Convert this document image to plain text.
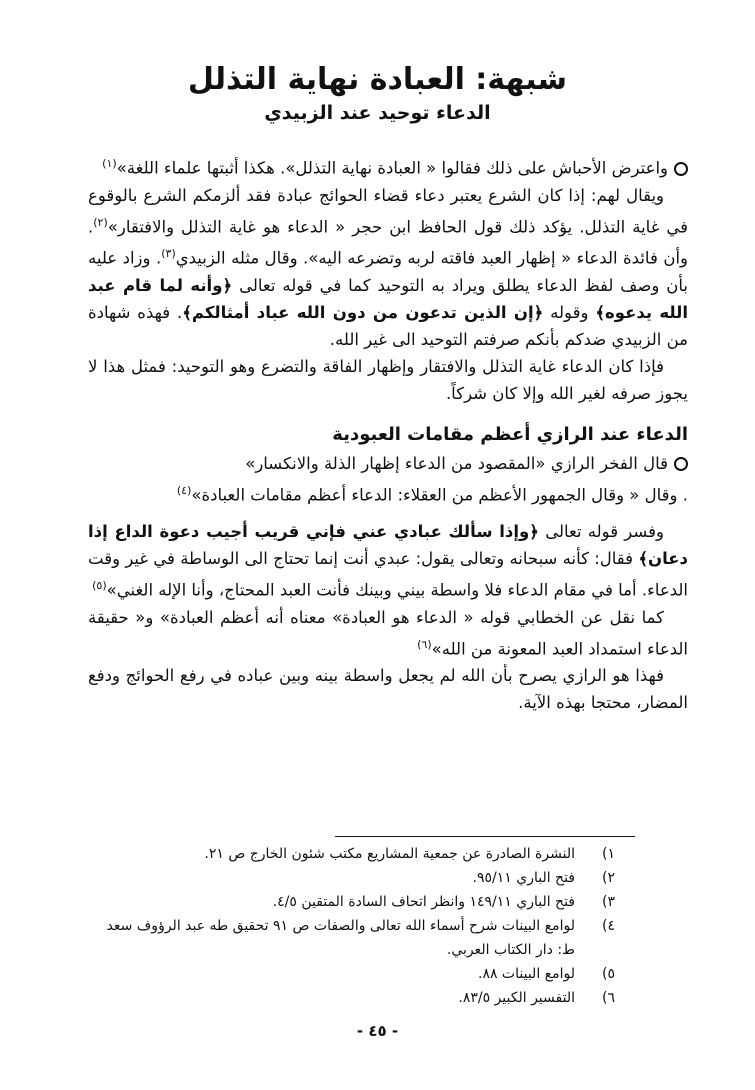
شبهة: العبادة نهاية التذلل
الدعاء توحيد عند الزبيدي

واعترض الأحباش على ذلك فقالوا « العبادة نهاية التذلل». هكذا أثبتها علماء اللغة»$^{(١)}$

ويقال لهم: إذا كان الشرع يعتبر دعاء قضاء الحوائج عبادة فقد ألزمكم الشرع بالوقوع في غاية التذلل. يؤكد ذلك قول الحافظ ابن حجر « الدعاء هو غاية التذلل والافتقار»$^{(٢)}$. وأن فائدة الدعاء « إظهار العبد فاقته لربه وتضرعه اليه». وقال مثله الزبيدي$^{(٣)}$. وزاد عليه بأن وصف لفظ الدعاء يطلق ويراد به التوحيد كما في قوله تعالى ﴿وأنه لما قام عبد الله يدعوه﴾ وقوله ﴿إن الذين تدعون من دون الله عباد أمثالكم﴾. فهذه شهادة من الزبيدي ضدكم بأنكم صرفتم التوحيد الى غير الله.

فإذا كان الدعاء غاية التذلل والافتقار وإظهار الفاقة والتضرع وهو التوحيد: فمثل هذا لا يجوز صرفه لغير الله وإلا كان شركاً.

الدعاء عند الرازي أعظم مقامات العبودية

قال الفخر الرازي «المقصود من الدعاء إظهار الذلة والانكسار»

. وقال « وقال الجمهور الأعظم من العقلاء: الدعاء أعظم مقامات العبادة»$^{(٤)}$

وفسر قوله تعالى ﴿وإذا سألك عبادي عني فإني قريب أجيب دعوة الداع إذا دعان﴾ فقال: كأنه سبحانه وتعالى يقول: عبدي أنت إنما تحتاج الى الوساطة في غير وقت الدعاء. أما في مقام الدعاء فلا واسطة بيني وبينك فأنت العبد المحتاج، وأنا الإله الغني»$^{(٥)}$

كما نقل عن الخطابي قوله « الدعاء هو العبادة» معناه أنه أعظم العبادة» و« حقيقة الدعاء استمداد العبد المعونة من الله»$^{(٦)}$

فهذا هو الرازي يصرح بأن الله لم يجعل واسطة بينه وبين عباده في رفع الحوائج ودفع المضار، محتجا بهذه الآية.

١)
النشرة الصادرة عن جمعية المشاريع مكتب شئون الخارج ص ٢١.
٢)
فتح الباري ٩٥/١١.
٣)
فتح الباري ١٤٩/١١ وانظر اتحاف السادة المتقين ٤/٥.
٤)
لوامع البينات شرح أسماء الله تعالى والصفات ص ٩١ تحقيق طه عبد الرؤوف سعد ط: دار الكتاب العربي.
٥)
لوامع البينات ٨٨.
٦)
التفسير الكبير ٨٣/٥.
- ٤٥ -
